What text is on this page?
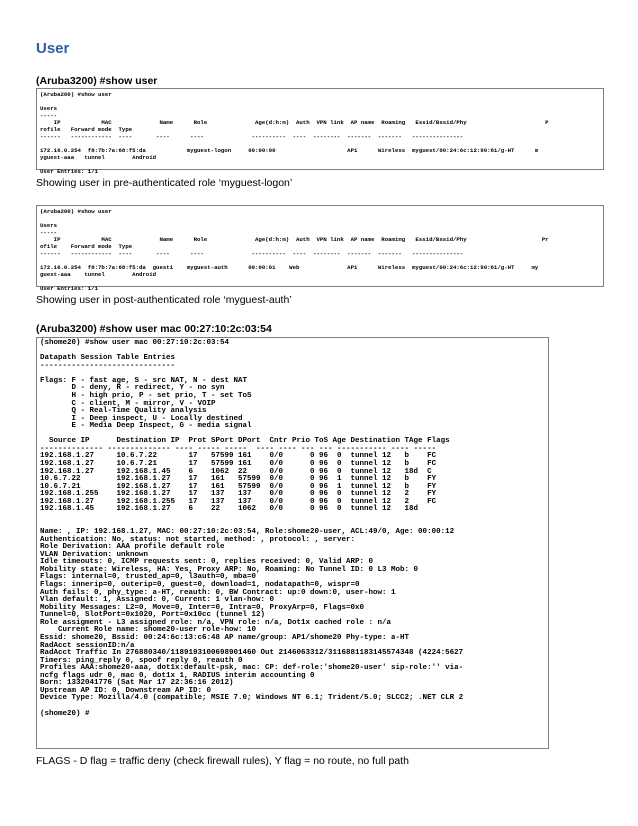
User
(Aruba3200) #show user
(Aruba200) #show user

Users
-----
IP            MAC              Name      Role              Age(d:h:m)  Auth  VPN link  AP name  Roaming   Essid/Bssid/Phy                       P
rofile   Forward mode  Type
------   ------------  ----       ----      ----              ----------  ----  --------  -------  -------   ---------------

172.16.0.254  f8:7b:7a:68:f5:da            myguest-logon     00:00:00                     AP1      Wireless  myguest/00:24:6c:12:90:61/g-HT      m
yguest-aaa   tunnel        Android

User Entries: 1/1
Showing user in pre-authenticated role ‘myguest-logon’
(Aruba200) #show user

Users
-----
IP            MAC              Name      Role              Age(d:h:m)  Auth  VPN link  AP name  Roaming   Essid/Bssid/Phy                      Pr
ofile    Forward mode  Type
------   ------------  ----       ----      ----              ----------  ----  --------  -------  -------   ---------------

172.16.0.254  f8:7b:7a:68:f5:da  guest1    myguest-auth      00:00:01    Web              AP1      Wireless  myguest/00:24:6c:12:90:61/g-HT     my
guest-aaa    tunnel        Android

User Entries: 1/1
Showing user in post-authenticated role ‘myguest-auth’
(Aruba3200) #show user mac 00:27:10:2c:03:54
(shome20) #show user mac 00:27:10:2c:03:54

Datapath Session Table Entries
------------------------------

Flags: F - fast age, S - src NAT, N - dest NAT
D - deny, R - redirect, Y - no syn
H - high prio, P - set prio, T - set ToS
C - client, M - mirror, V - VOIP
Q - Real-Time Quality analysis
I - Deep inspect, U - Locally destined
E - Media Deep Inspect, G - media signal

Source IP      Destination IP  Prot SPort DPort  Cntr Prio ToS Age Destination TAge Flags
-------------- -------------- ---- ----- -----  ---- ---- --- --- ----------- ---- -----
192.168.1.27     10.6.7.22       17   57599 161    0/0      0 96  0  tunnel 12   b    FC
192.168.1.27     10.6.7.21       17   57599 161    0/0      0 96  0  tunnel 12   b    FC
192.168.1.27     192.168.1.45    6    1062  22     0/0      0 96  0  tunnel 12   18d  C
10.6.7.22        192.168.1.27    17   161   57599  0/0      0 96  1  tunnel 12   b    FY
10.6.7.21        192.168.1.27    17   161   57599  0/0      0 96  1  tunnel 12   b    FY
192.168.1.255    192.168.1.27    17   137   137    0/0      0 96  0  tunnel 12   2    FY
192.168.1.27     192.168.1.255   17   137   137    0/0      0 96  0  tunnel 12   2    FC
192.168.1.45     192.168.1.27    6    22    1062   0/0      0 96  0  tunnel 12   18d

Name: , IP: 192.168.1.27, MAC: 00:27:10:2c:03:54, Role:shome20-user, ACL:49/0, Age: 00:00:12
Authentication: No, status: not started, method: , protocol: , server:
Role Derivation: AAA profile default role
VLAN Derivation: unknown
Idle timeouts: 0, ICMP requests sent: 0, replies received: 0, Valid ARP: 0
Mobility state: Wireless, HA: Yes, Proxy ARP: No, Roaming: No Tunnel ID: 0 L3 Mob: 0
Flags: internal=0, trusted_ap=0, l3auth=0, mba=0
Flags: innerip=0, outerip=0, guest=0, download=1, nodatapath=0, wispr=0
Auth fails: 0, phy_type: a-HT, reauth: 0, BW Contract: up:0 down:0, user-how: 1
Vlan default: 1, Assigned: 0, Current: 1 vlan-how: 0
Mobility Messages: L2=0, Move=0, Inter=0, Intra=0, ProxyArp=0, Flags=0x0
Tunnel=0, SlotPort=0x1020, Port=0x10cc (tunnel 12)
Role assigment - L3 assigned role: n/a, VPN role: n/a, Dot1x cached role : n/a
Current Role name: shome20-user role-how: 10
Essid: shome20, Bssid: 00:24:6c:13:c6:48 AP name/group: AP1/shome20 Phy-type: a-HT
RadAcct sessionID:n/a
RadAcct Traffic In 276880340/1189193100698901460 Out 2146063312/3116881183145574348 (4224:5627
Timers: ping_reply 0, spoof reply 0, reauth 0
Profiles AAA:shome20-aaa, dot1x:default-psk, mac: CP: def-role:'shome20-user' sip-role:'' via-
ncfg flags udr 0, mac 0, dot1x 1, RADIUS interim accounting 0
Born: 1332041776 (Sat Mar 17 22:36:16 2012)
Upstream AP ID: 0, Downstream AP ID: 0
Device Type: Mozilla/4.0 (compatible; MSIE 7.0; Windows NT 6.1; Trident/5.0; SLCC2; .NET CLR 2

(shome20) #
FLAGS - D flag = traffic deny (check firewall rules), Y flag = no route, no full path
